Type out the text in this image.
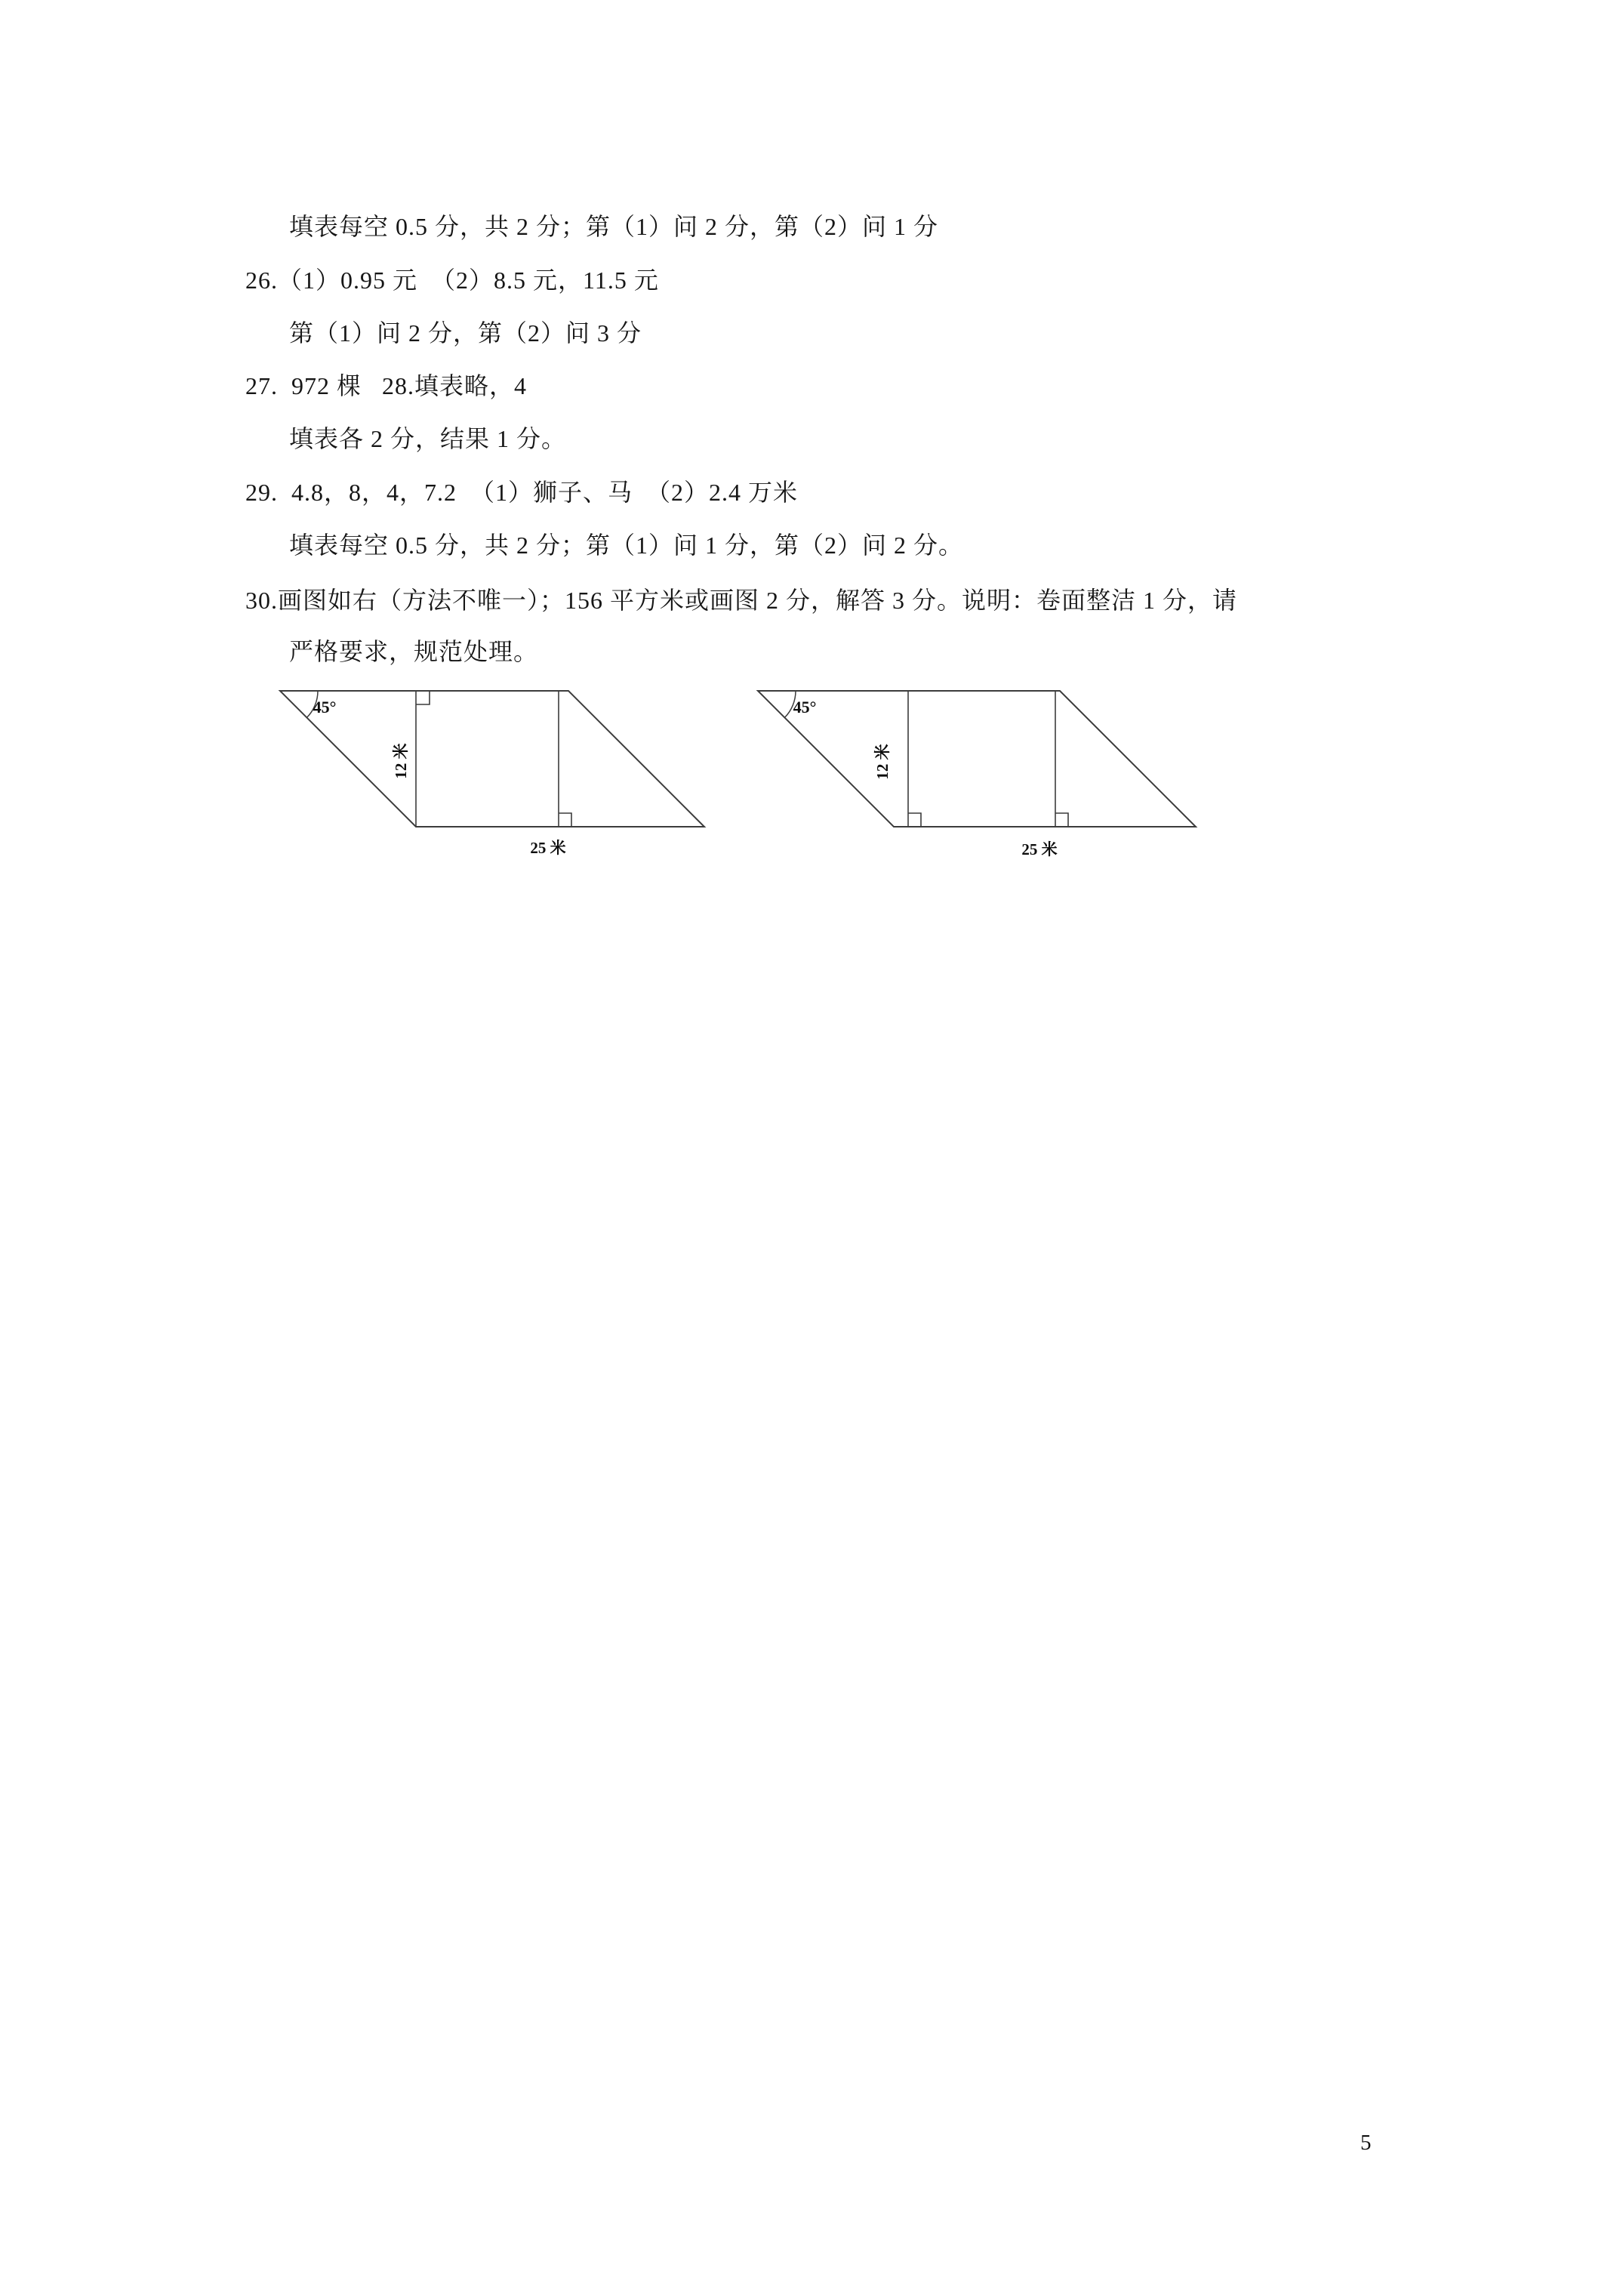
填表每空 0.5 分，共 2 分；第（1）问 2 分，第（2）问 1 分
26.（1）0.95 元  （2）8.5 元，11.5 元
第（1）问 2 分，第（2）问 3 分
27.  972 棵   28.填表略，4
填表各 2 分，结果 1 分。
29.  4.8，8，4，7.2  （1）狮子、马  （2）2.4 万米
填表每空 0.5 分，共 2 分；第（1）问 1 分，第（2）问 2 分。
30.画图如右（方法不唯一）；156 平方米或画图 2 分，解答 3 分。说明：卷面整洁 1 分，请
严格要求，规范处理。
45°
12 米
25 米
45°
12 米
25 米
5
